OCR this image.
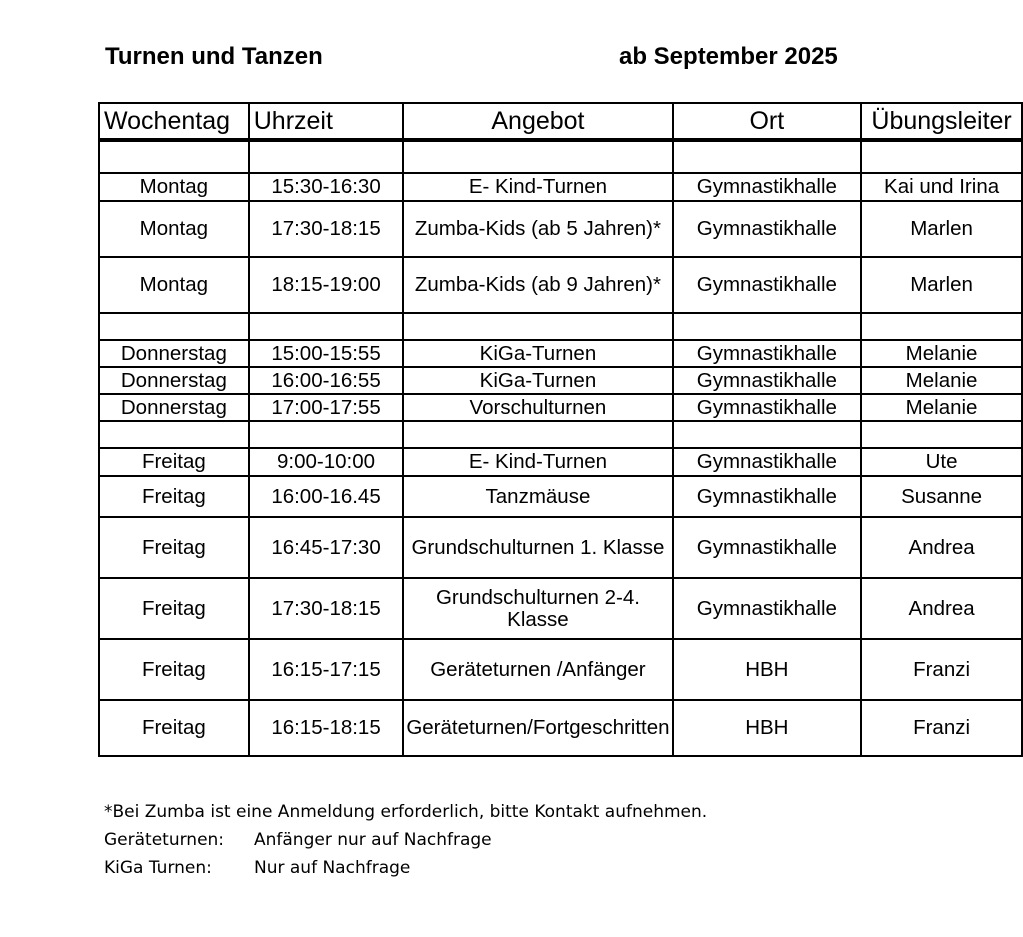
Turnen und Tanzen	ab September 2025
Wochentag	Uhrzeit	Angebot	Ort	Übungsleiter

Montag	15:30-16:30	E- Kind-Turnen	Gymnastikhalle	Kai und Irina
Montag	17:30-18:15	Zumba-Kids (ab 5 Jahren)*	Gymnastikhalle	Marlen
Montag	18:15-19:00	Zumba-Kids (ab 9 Jahren)*	Gymnastikhalle	Marlen

Donnerstag	15:00-15:55	KiGa-Turnen	Gymnastikhalle	Melanie
Donnerstag	16:00-16:55	KiGa-Turnen	Gymnastikhalle	Melanie
Donnerstag	17:00-17:55	Vorschulturnen	Gymnastikhalle	Melanie

Freitag	9:00-10:00	E- Kind-Turnen	Gymnastikhalle	Ute
Freitag	16:00-16.45	Tanzmäuse	Gymnastikhalle	Susanne
Freitag	16:45-17:30	Grundschulturnen 1. Klasse	Gymnastikhalle	Andrea
Freitag	17:30-18:15	Grundschulturnen 2-4. Klasse	Gymnastikhalle	Andrea
Freitag	16:15-17:15	Geräteturnen /Anfänger	HBH	Franzi
Freitag	16:15-18:15	Geräteturnen/Fortgeschritten	HBH	Franzi
*Bei Zumba ist eine Anmeldung erforderlich, bitte Kontakt aufnehmen.
Geräteturnen: Anfänger nur auf Nachfrage
KiGa Turnen: Nur auf Nachfrage
